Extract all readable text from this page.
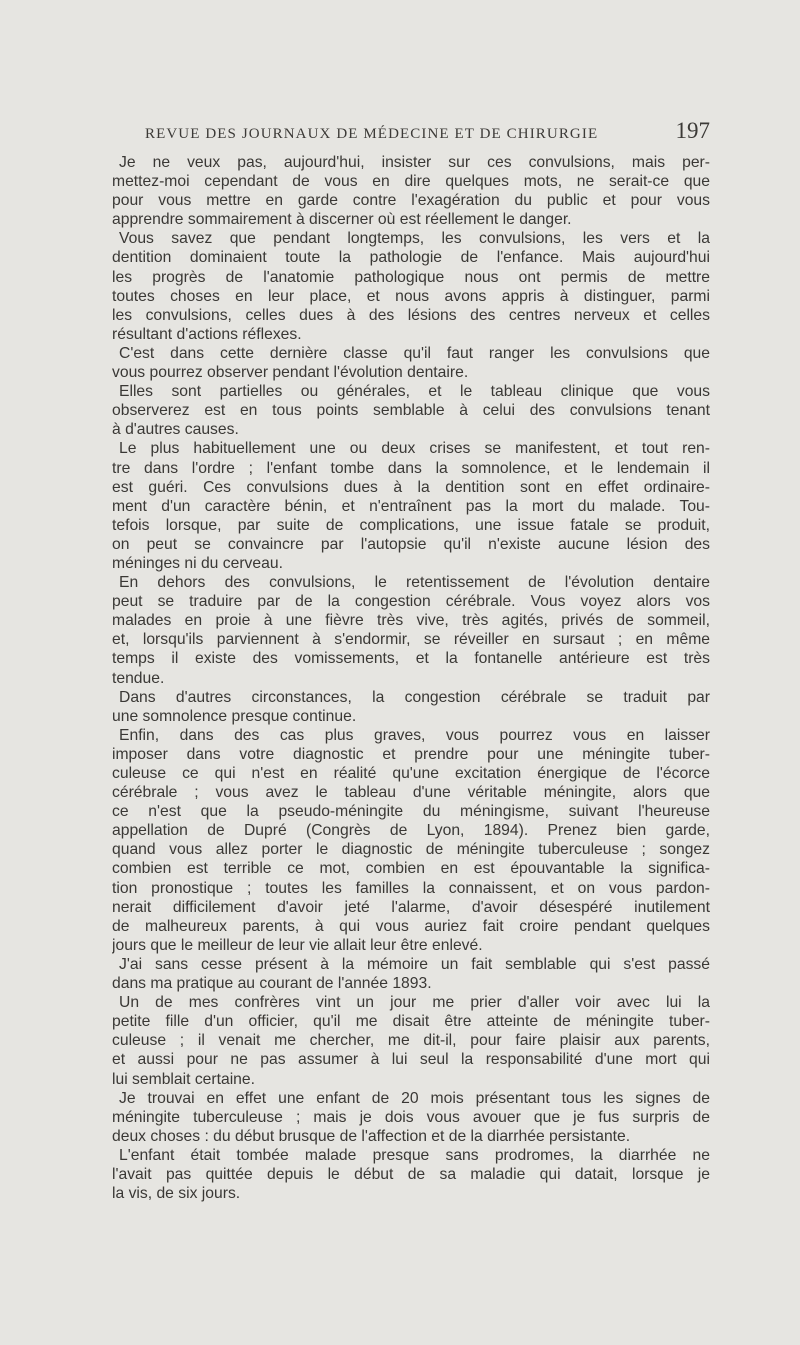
REVUE DES JOURNAUX DE MÉDECINE ET DE CHIRURGIE	197
Je ne veux pas, aujourd'hui, insister sur ces convulsions, mais per-
mettez-moi cependant de vous en dire quelques mots, ne serait-ce que
pour vous mettre en garde contre l'exagération du public et pour vous
apprendre sommairement à discerner où est réellement le danger.
Vous savez que pendant longtemps, les convulsions, les vers et la
dentition dominaient toute la pathologie de l'enfance. Mais aujourd'hui
les progrès de l'anatomie pathologique nous ont permis de mettre
toutes choses en leur place, et nous avons appris à distinguer, parmi
les convulsions, celles dues à des lésions des centres nerveux et celles
résultant d'actions réflexes.
C'est dans cette dernière classe qu'il faut ranger les convulsions que
vous pourrez observer pendant l'évolution dentaire.
Elles sont partielles ou générales, et le tableau clinique que vous
observerez est en tous points semblable à celui des convulsions tenant
à d'autres causes.
Le plus habituellement une ou deux crises se manifestent, et tout ren-
tre dans l'ordre ; l'enfant tombe dans la somnolence, et le lendemain il
est guéri. Ces convulsions dues à la dentition sont en effet ordinaire-
ment d'un caractère bénin, et n'entraînent pas la mort du malade. Tou-
tefois lorsque, par suite de complications, une issue fatale se produit,
on peut se convaincre par l'autopsie qu'il n'existe aucune lésion des
méninges ni du cerveau.
En dehors des convulsions, le retentissement de l'évolution dentaire
peut se traduire par de la congestion cérébrale. Vous voyez alors vos
malades en proie à une fièvre très vive, très agités, privés de sommeil,
et, lorsqu'ils parviennent à s'endormir, se réveiller en sursaut ; en même
temps il existe des vomissements, et la fontanelle antérieure est très
tendue.
Dans d'autres circonstances, la congestion cérébrale se traduit par
une somnolence presque continue.
Enfin, dans des cas plus graves, vous pourrez vous en laisser
imposer dans votre diagnostic et prendre pour une méningite tuber-
culeuse ce qui n'est en réalité qu'une excitation énergique de l'écorce
cérébrale ; vous avez le tableau d'une véritable méningite, alors que
ce n'est que la pseudo-méningite du méningisme, suivant l'heureuse
appellation de Dupré (Congrès de Lyon, 1894). Prenez bien garde,
quand vous allez porter le diagnostic de méningite tuberculeuse ; songez
combien est terrible ce mot, combien en est épouvantable la significa-
tion pronostique ; toutes les familles la connaissent, et on vous pardon-
nerait difficilement d'avoir jeté l'alarme, d'avoir désespéré inutilement
de malheureux parents, à qui vous auriez fait croire pendant quelques
jours que le meilleur de leur vie allait leur être enlevé.
J'ai sans cesse présent à la mémoire un fait semblable qui s'est passé
dans ma pratique au courant de l'année 1893.
Un de mes confrères vint un jour me prier d'aller voir avec lui la
petite fille d'un officier, qu'il me disait être atteinte de méningite tuber-
culeuse ; il venait me chercher, me dit-il, pour faire plaisir aux parents,
et aussi pour ne pas assumer à lui seul la responsabilité d'une mort qui
lui semblait certaine.
Je trouvai en effet une enfant de 20 mois présentant tous les signes de
méningite tuberculeuse ; mais je dois vous avouer que je fus surpris de
deux choses : du début brusque de l'affection et de la diarrhée persistante.
L'enfant était tombée malade presque sans prodromes, la diarrhée ne
l'avait pas quittée depuis le début de sa maladie qui datait, lorsque je
la vis, de six jours.
